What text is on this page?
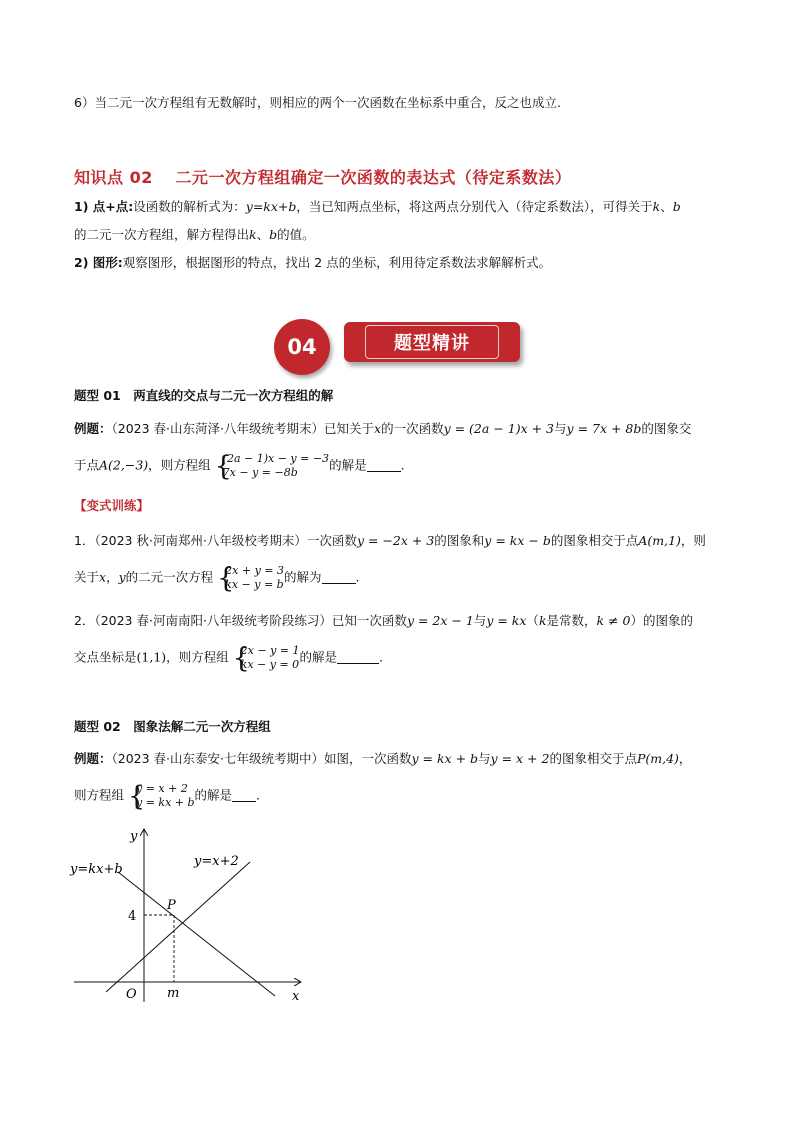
6）当二元一次方程组有无数解时，则相应的两个一次函数在坐标系中重合，反之也成立.
知识点 02　 二元一次方程组确定一次函数的表达式（待定系数法）
1) 点+点:设函数的解析式为：y=kx+b，当已知两点坐标，将这两点分别代入（待定系数法），可得关于k、b
的二元一次方程组，解方程得出k、b的值。
2) 图形:观察图形，根据图形的特点，找出 2 点的坐标，利用待定系数法求解解析式。
04	题型精讲
题型 01　两直线的交点与二元一次方程组的解
例题：（2023 春·山东菏泽·八年级统考期末）已知关于x的一次函数y = (2a − 1)x + 3与y = 7x + 8b的图象交
于点A(2,−3)，则方程组 {
(2a − 1)x − y = −3
7x − y = −8b	的解是	.
【变式训练】
1．（2023 秋·河南郑州·八年级校考期末）一次函数y = −2x + 3的图象和y = kx − b的图象相交于点A(m,1)，则
关于x，y的二元一次方程 {
2x + y = 3
kx − y = b 的解为	.
2．（2023 春·河南南阳·八年级统考阶段练习）已知一次函数y = 2x − 1与y = kx（k是常数，k ≠ 0）的图象的
交点坐标是(1,1)，则方程组 {
2x − y = 1
kx − y = 0 的解是	.
题型 02　图象法解二元一次方程组
例题：（2023 春·山东泰安·七年级统考期中）如图，一次函数y = kx + b与y = x + 2的图象相交于点P(m,4)，
则方程组 {
y = x + 2
y = kx + b 的解是 .
y=kx+b
y=x+2
P
4
m
O	x
y
